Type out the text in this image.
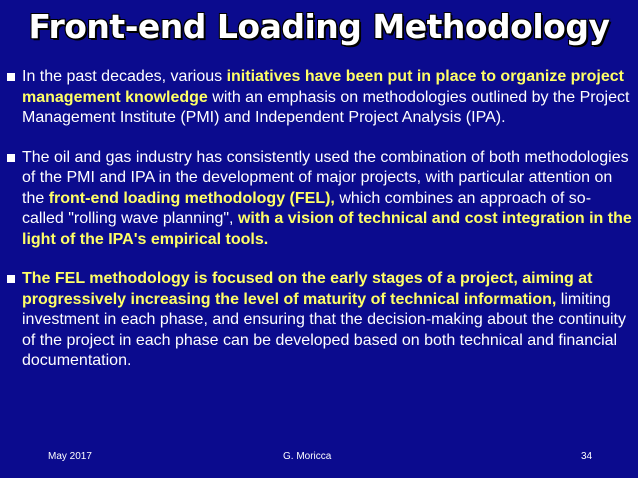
Front-end Loading Methodology
In the past decades, various initiatives have been put in place to organize project management knowledge with an emphasis on methodologies outlined by the Project Management Institute (PMI) and Independent Project Analysis (IPA).
The oil and gas industry has consistently used the combination of both methodologies of the PMI and IPA in the development of major projects, with particular attention on the front-end loading methodology (FEL), which combines an approach of so-called "rolling wave planning", with a vision of technical and cost integration in the light of the IPA's empirical tools.
The FEL methodology is focused on the early stages of a project, aiming at progressively increasing the level of maturity of technical information, limiting investment in each phase, and ensuring that the decision-making about the continuity of the project in each phase can be developed based on both technical and financial documentation.
May 2017	G. Moricca	34
